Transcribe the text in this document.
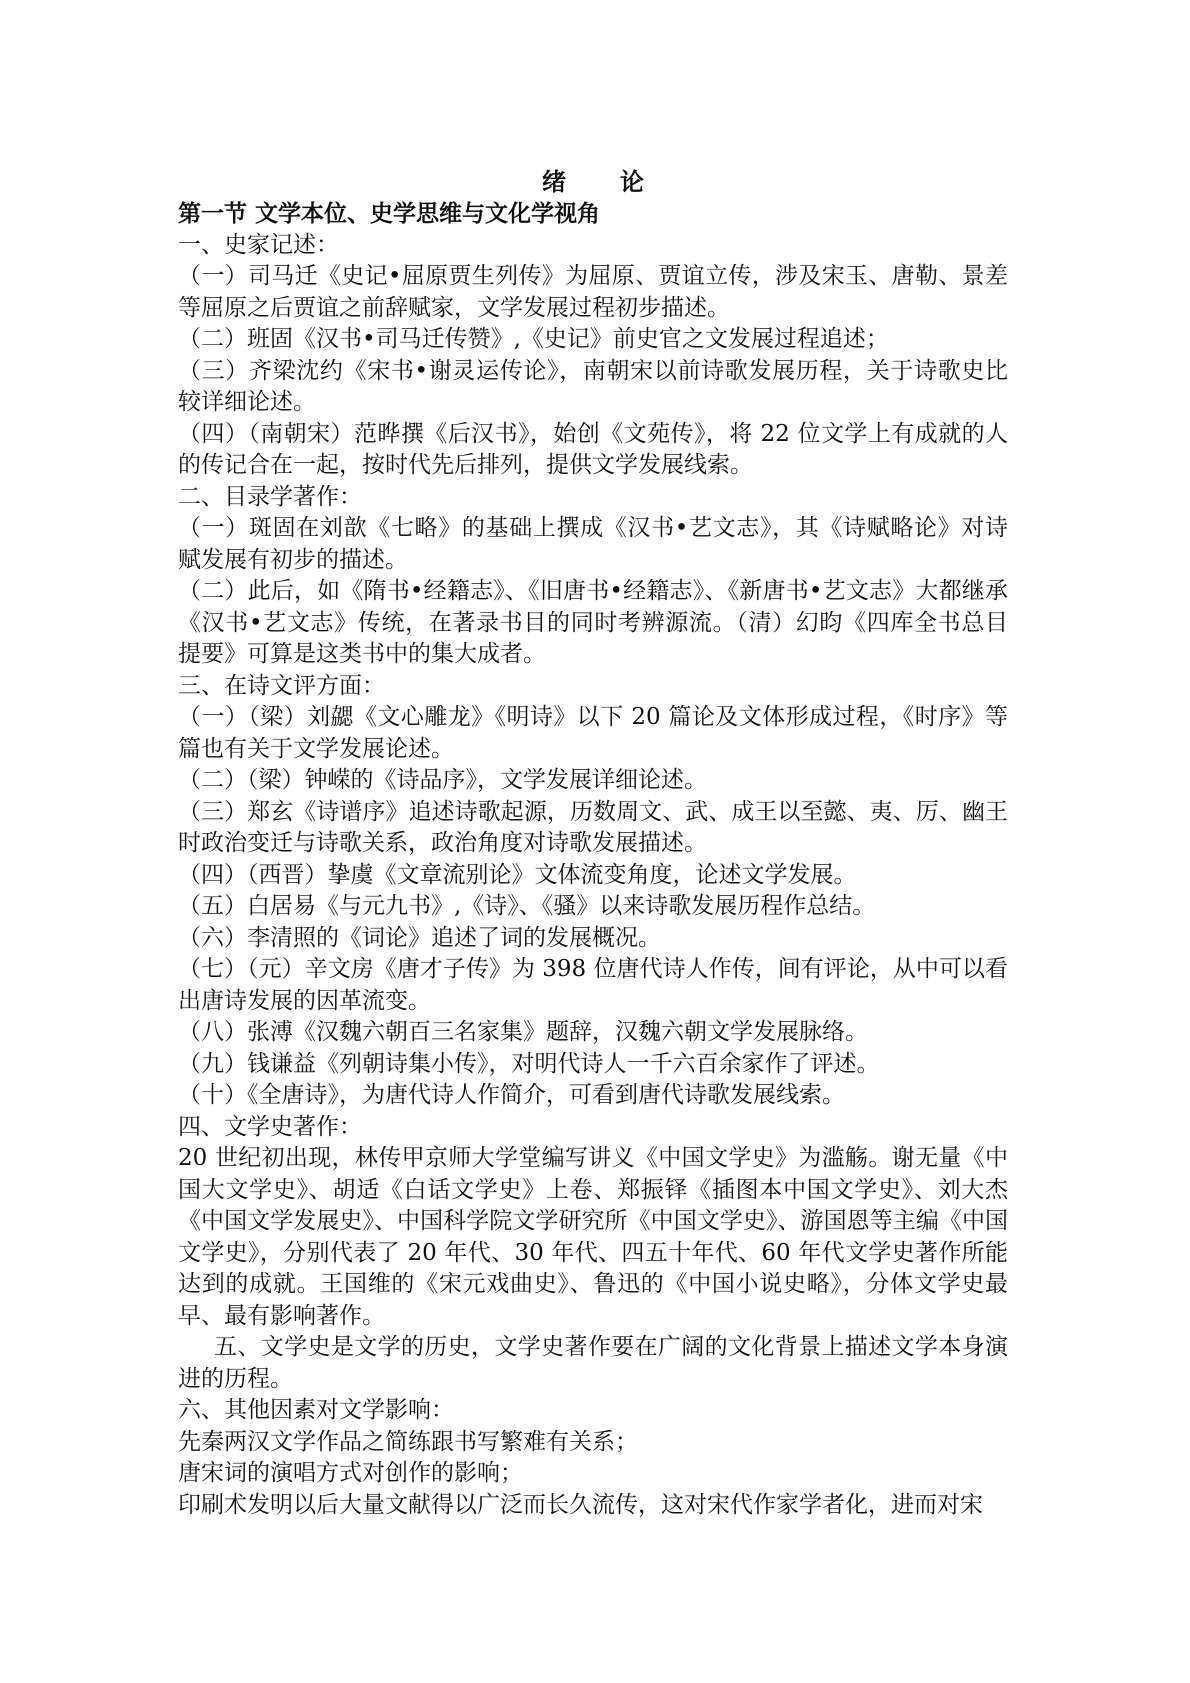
绪论
第一节 文学本位、史学思维与文化学视角
一、史家记述：
（一）司马迁《史记•屈原贾生列传》为屈原、贾谊立传，涉及宋玉、唐勒、景差等屈原之后贾谊之前辞赋家，文学发展过程初步描述。
（二）班固《汉书•司马迁传赞》,《史记》前史官之文发展过程追述；
（三）齐梁沈约《宋书•谢灵运传论》，南朝宋以前诗歌发展历程，关于诗歌史比较详细论述。
（四）（南朝宋）范晔撰《后汉书》，始创《文苑传》，将 22 位文学上有成就的人的传记合在一起，按时代先后排列，提供文学发展线索。
二、目录学著作：
（一）斑固在刘歆《七略》的基础上撰成《汉书•艺文志》，其《诗赋略论》对诗赋发展有初步的描述。
（二）此后，如《隋书•经籍志》、《旧唐书•经籍志》、《新唐书•艺文志》大都继承《汉书•艺文志》传统，在著录书目的同时考辨源流。（清）幻昀《四库全书总目提要》可算是这类书中的集大成者。
三、在诗文评方面：
（一）（梁）刘勰《文心雕龙》《明诗》以下 20 篇论及文体形成过程，《时序》等篇也有关于文学发展论述。
（二）（梁）钟嵘的《诗品序》，文学发展详细论述。
（三）郑玄《诗谱序》追述诗歌起源，历数周文、武、成王以至懿、夷、厉、幽王时政治变迁与诗歌关系，政治角度对诗歌发展描述。
（四）（西晋）挚虞《文章流别论》文体流变角度，论述文学发展。
（五）白居易《与元九书》,《诗》、《骚》以来诗歌发展历程作总结。
（六）李清照的《词论》追述了词的发展概况。
（七）（元）辛文房《唐才子传》为 398 位唐代诗人作传，间有评论，从中可以看 出唐诗发展的因革流变。
（八）张溥《汉魏六朝百三名家集》题辞，汉魏六朝文学发展脉络。
（九）钱谦益《列朝诗集小传》，对明代诗人一千六百余家作了评述。
（十）《全唐诗》，为唐代诗人作简介，可看到唐代诗歌发展线索。
四、文学史著作：
20 世纪初出现，林传甲京师大学堂编写讲义《中国文学史》为滥觞。谢无量《中国大文学史》、胡适《白话文学史》上卷、郑振铎《插图本中国文学史》、刘大杰《中国文学发展史》、中国科学院文学研究所《中国文学史》、游国恩等主编《中国文学史》，分别代表了 20 年代、30 年代、四五十年代、60 年代文学史著作所能达到的成就。王国维的《宋元戏曲史》、鲁迅的《中国小说史略》，分体文学史最早、最有影响著作。
五、文学史是文学的历史，文学史著作要在广阔的文化背景上描述文学本身演进的历程。
六、其他因素对文学影响：
先秦两汉文学作品之简练跟书写繁难有关系；
唐宋词的演唱方式对创作的影响；
印刷术发明以后大量文献得以广泛而长久流传，这对宋代作家学者化，进而对宋
